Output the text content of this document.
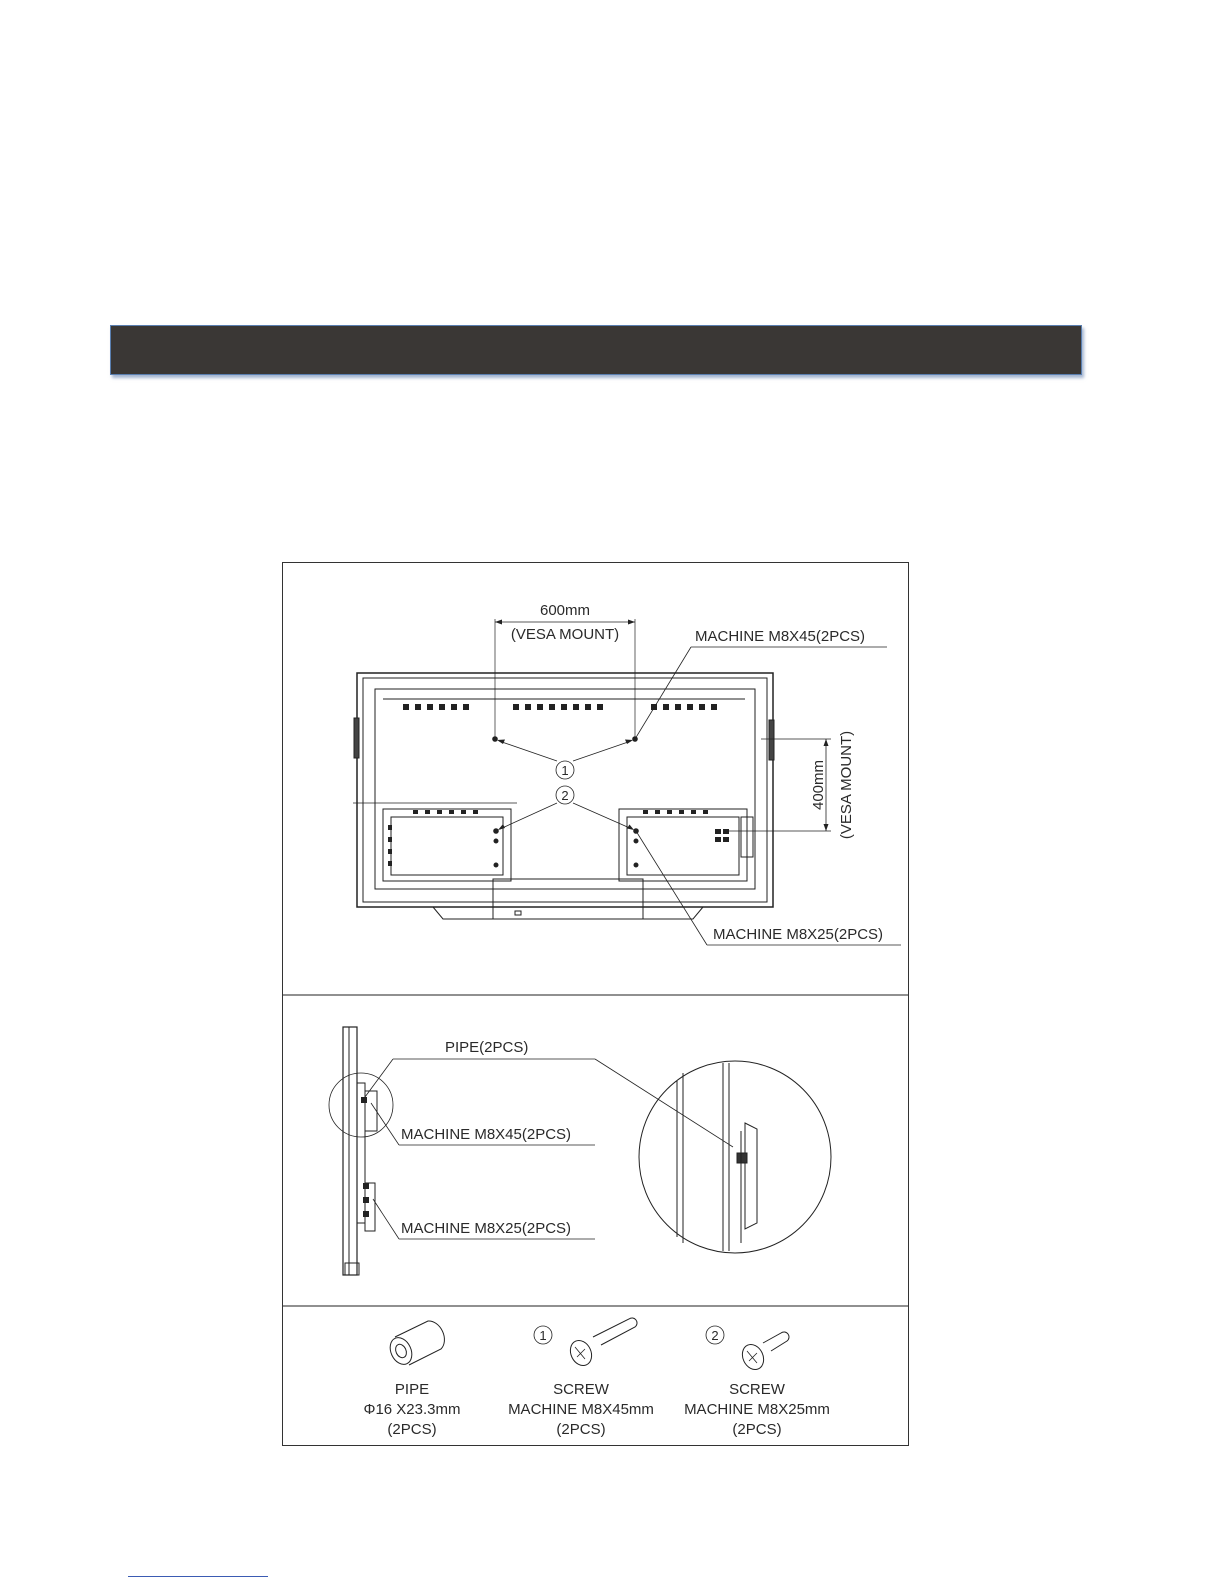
600mm
(VESA MOUNT)
400mm (VESA MOUNT)
MACHINE M8X45(2PCS)
1
2
MACHINE M8X25(2PCS)
PIPE(2PCS)
MACHINE M8X45(2PCS)
MACHINE M8X25(2PCS)
1	2
PIPE
Φ16 X23.3mm
(2PCS)
SCREW
MACHINE M8X45mm
(2PCS)
SCREW
MACHINE M8X25mm
(2PCS)
